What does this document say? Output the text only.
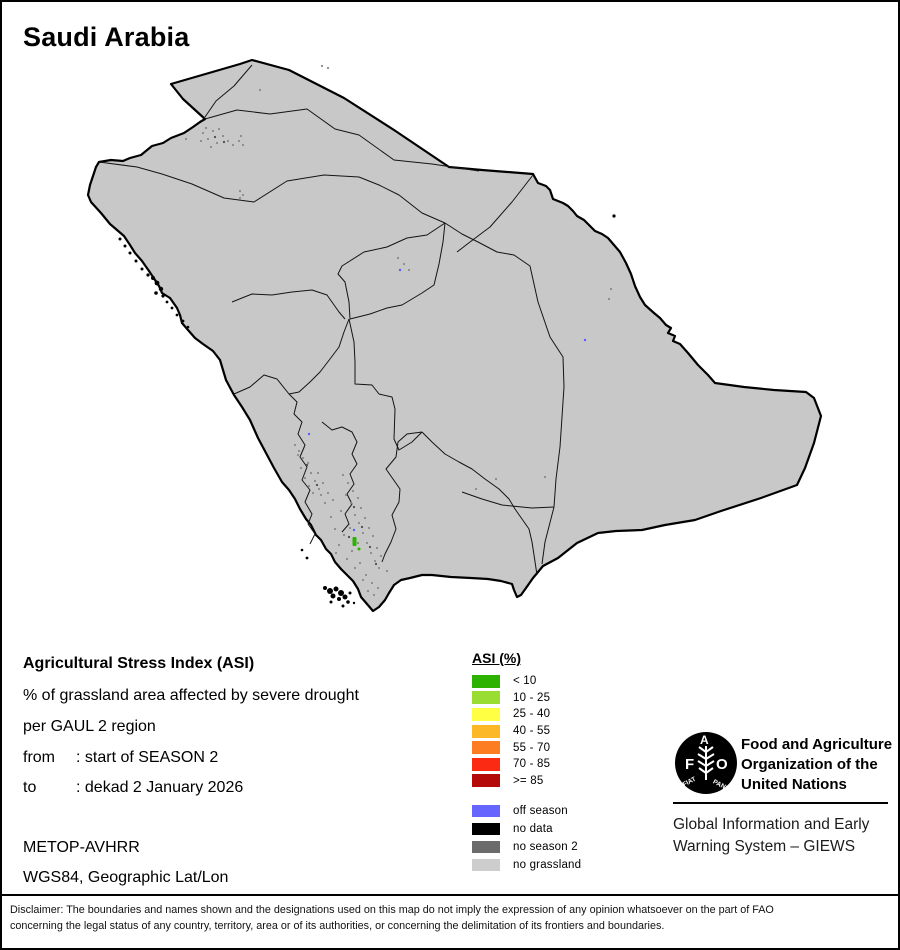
Saudi Arabia
Agricultural Stress Index (ASI)
% of grassland area affected by severe drought
per GAUL 2 region
from : start of SEASON 2
to : dekad 2 January 2026
METOP-AVHRR
WGS84, Geographic Lat/Lon
ASI (%)
< 10
10 - 25
25 - 40
40 - 55
55 - 70
70 - 85
>= 85
off season
no data
no season 2
no grassland
F
A
O
FIAT PANIS
Food and Agriculture
Organization of the
United Nations
Global Information and Early
Warning System – GIEWS
Disclaimer: The boundaries and names shown and the designations used on this map do not imply the expression of any opinion whatsoever on the part of FAO
concerning the legal status of any country, territory, area or of its authorities, or concerning the delimitation of its frontiers and boundaries.
